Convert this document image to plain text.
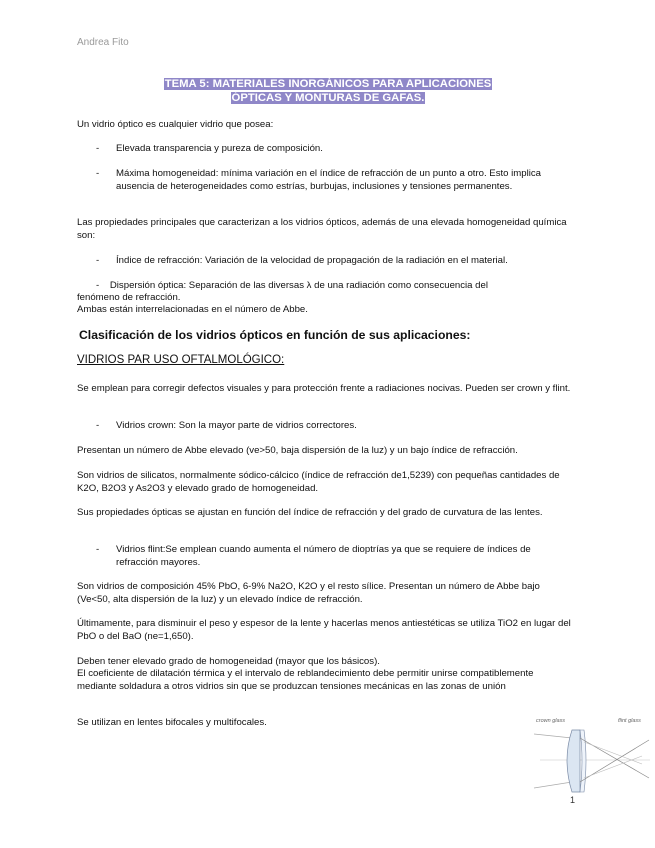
Andrea Fito
TEMA 5: MATERIALES INORGÁNICOS PARA APLICACIONES
ÓPTICAS Y MONTURAS DE GAFAS.
Un vidrio óptico es cualquier vidrio que posea:
- Elevada transparencia y pureza de composición.
- Máxima homogeneidad: mínima variación en el índice de refracción de un punto a otro. Esto implica ausencia de heterogeneidades como estrías, burbujas, inclusiones y tensiones permanentes.
Las propiedades principales que caracterizan a los vidrios ópticos, además de una elevada homogeneidad química son:
- Índice de refracción: Variación de la velocidad de propagación de la radiación en el material.
- Dispersión óptica: Separación de las diversas λ de una radiación como consecuencia del
fenómeno de refracción.
Ambas están interrelacionadas en el número de Abbe.
Clasificación de los vidrios ópticos en función de sus aplicaciones:
VIDRIOS PAR USO OFTALMOLÓGICO:
Se emplean para corregir defectos visuales y para protección frente a radiaciones nocivas. Pueden ser crown y flint.
- Vidrios crown: Son la mayor parte de vidrios correctores.
Presentan un número de Abbe elevado (ve>50, baja dispersión de la luz) y un bajo índice de refracción.
Son vidrios de silicatos, normalmente sódico-cálcico (índice de refracción de1,5239) con pequeñas cantidades de K2O, B2O3 y As2O3 y elevado grado de homogeneidad.
Sus propiedades ópticas se ajustan en función del índice de refracción y del grado de curvatura de las lentes.
- Vidrios flint:Se emplean cuando aumenta el número de dioptrías ya que se requiere de índices de refracción mayores.
Son vidrios de composición 45% PbO, 6-9% Na2O, K2O y el resto sílice. Presentan un número de Abbe bajo (Ve<50, alta dispersión de la luz) y un elevado índice de refracción.
Últimamente, para disminuir el peso y espesor de la lente y hacerlas menos antiestéticas se utiliza TiO2 en lugar del PbO o del BaO (ne=1,650).
Deben tener elevado grado de homogeneidad (mayor que los básicos).
El coeficiente de dilatación térmica y el intervalo de reblandecimiento debe permitir unirse compatiblemente mediante soldadura a otros vidrios sin que se produzcan tensiones mecánicas en las zonas de unión
Se utilizan en lentes bifocales y multifocales.	crown glass	flint glass
1
